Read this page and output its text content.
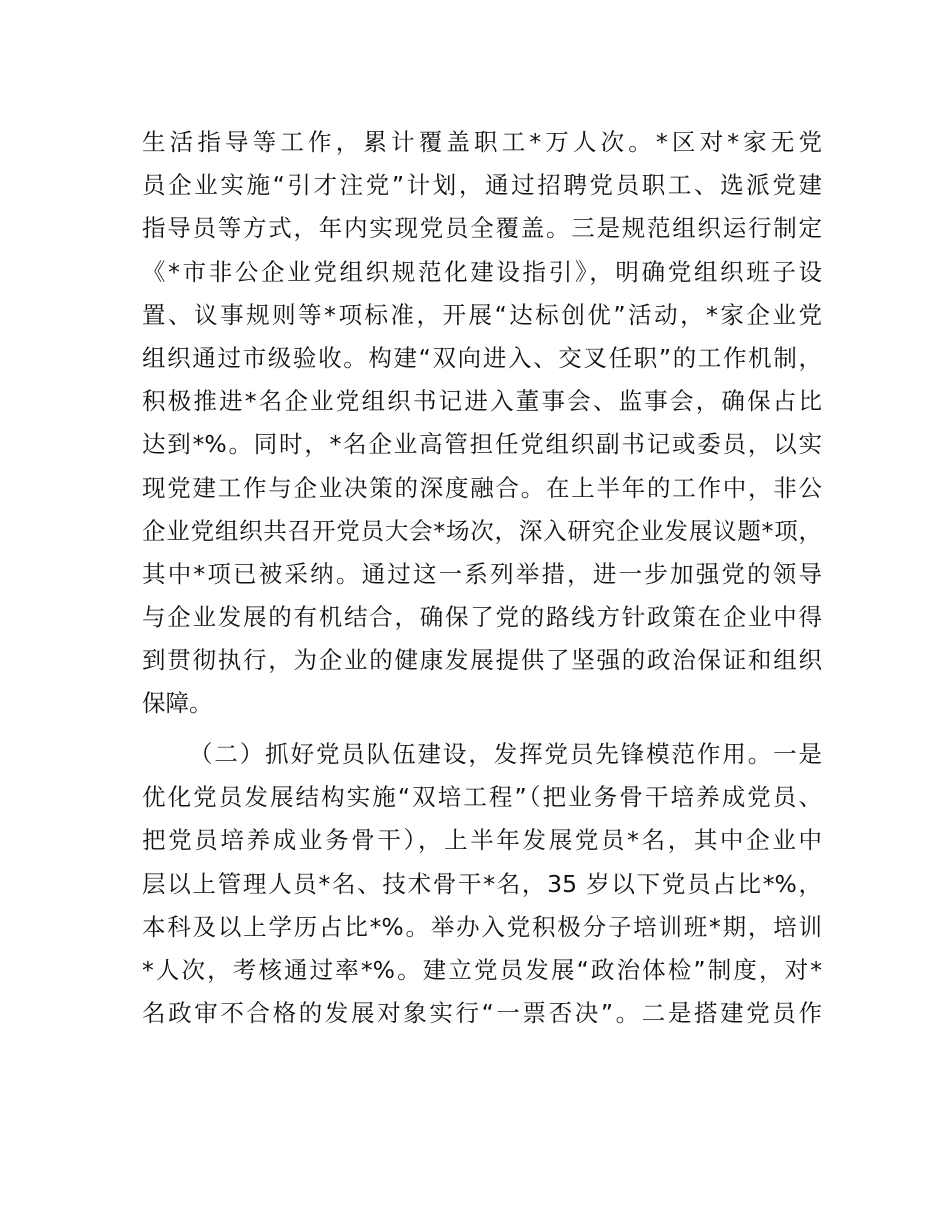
生活指导等工作，累计覆盖职工*万人次。*区对*家无党
员企业实施“引才注党”计划，通过招聘党员职工、选派党建
指导员等方式，年内实现党员全覆盖。三是规范组织运行制定
《*市非公企业党组织规范化建设指引》，明确党组织班子设
置、议事规则等*项标准，开展“达标创优”活动，*家企业党
组织通过市级验收。构建“双向进入、交叉任职”的工作机制，
积极推进*名企业党组织书记进入董事会、监事会，确保占比
达到*%。同时，*名企业高管担任党组织副书记或委员，以实
现党建工作与企业决策的深度融合。在上半年的工作中，非公
企业党组织共召开党员大会*场次，深入研究企业发展议题*项，
其中*项已被采纳。通过这一系列举措，进一步加强党的领导
与企业发展的有机结合，确保了党的路线方针政策在企业中得
到贯彻执行，为企业的健康发展提供了坚强的政治保证和组织
保障。
（二）抓好党员队伍建设，发挥党员先锋模范作用。一是
优化党员发展结构实施“双培工程”（把业务骨干培养成党员、
把党员培养成业务骨干），上半年发展党员*名，其中企业中
层以上管理人员*名、技术骨干*名，35 岁以下党员占比*%，
本科及以上学历占比*%。举办入党积极分子培训班*期，培训
*人次，考核通过率*%。建立党员发展“政治体检”制度，对*
名政审不合格的发展对象实行“一票否决”。二是搭建党员作
